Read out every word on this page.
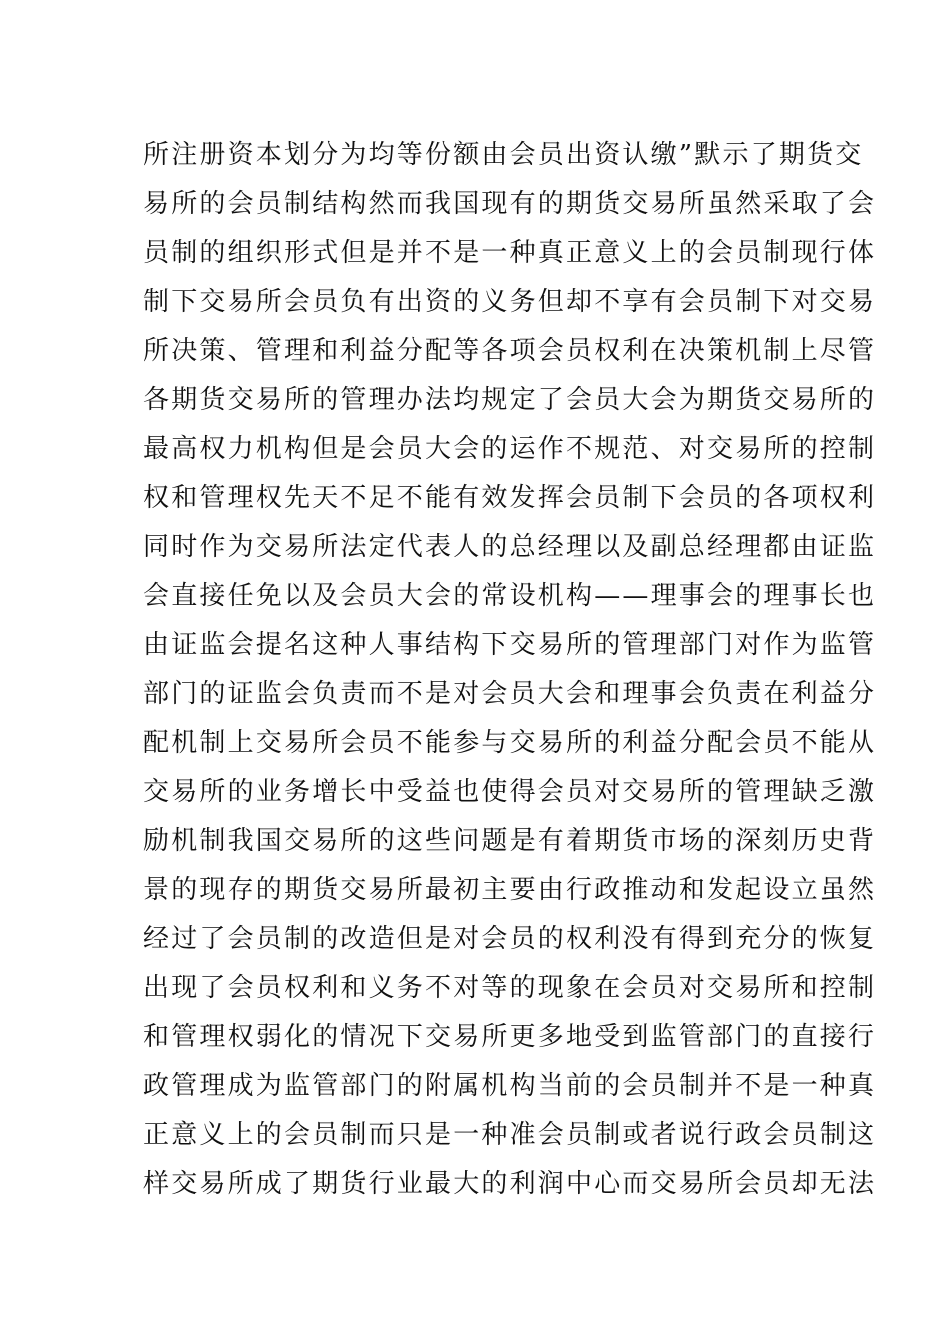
所注册资本划分为均等份额由会员出资认缴”默示了期货交
易所的会员制结构然而我国现有的期货交易所虽然采取了会
员制的组织形式但是并不是一种真正意义上的会员制现行体
制下交易所会员负有出资的义务但却不享有会员制下对交易
所决策、管理和利益分配等各项会员权利在决策机制上尽管
各期货交易所的管理办法均规定了会员大会为期货交易所的
最高权力机构但是会员大会的运作不规范、对交易所的控制
权和管理权先天不足不能有效发挥会员制下会员的各项权利
同时作为交易所法定代表人的总经理以及副总经理都由证监
会直接任免以及会员大会的常设机构——理事会的理事长也
由证监会提名这种人事结构下交易所的管理部门对作为监管
部门的证监会负责而不是对会员大会和理事会负责在利益分
配机制上交易所会员不能参与交易所的利益分配会员不能从
交易所的业务增长中受益也使得会员对交易所的管理缺乏激
励机制我国交易所的这些问题是有着期货市场的深刻历史背
景的现存的期货交易所最初主要由行政推动和发起设立虽然
经过了会员制的改造但是对会员的权利没有得到充分的恢复
出现了会员权利和义务不对等的现象在会员对交易所和控制
和管理权弱化的情况下交易所更多地受到监管部门的直接行
政管理成为监管部门的附属机构当前的会员制并不是一种真
正意义上的会员制而只是一种准会员制或者说行政会员制这
样交易所成了期货行业最大的利润中心而交易所会员却无法
